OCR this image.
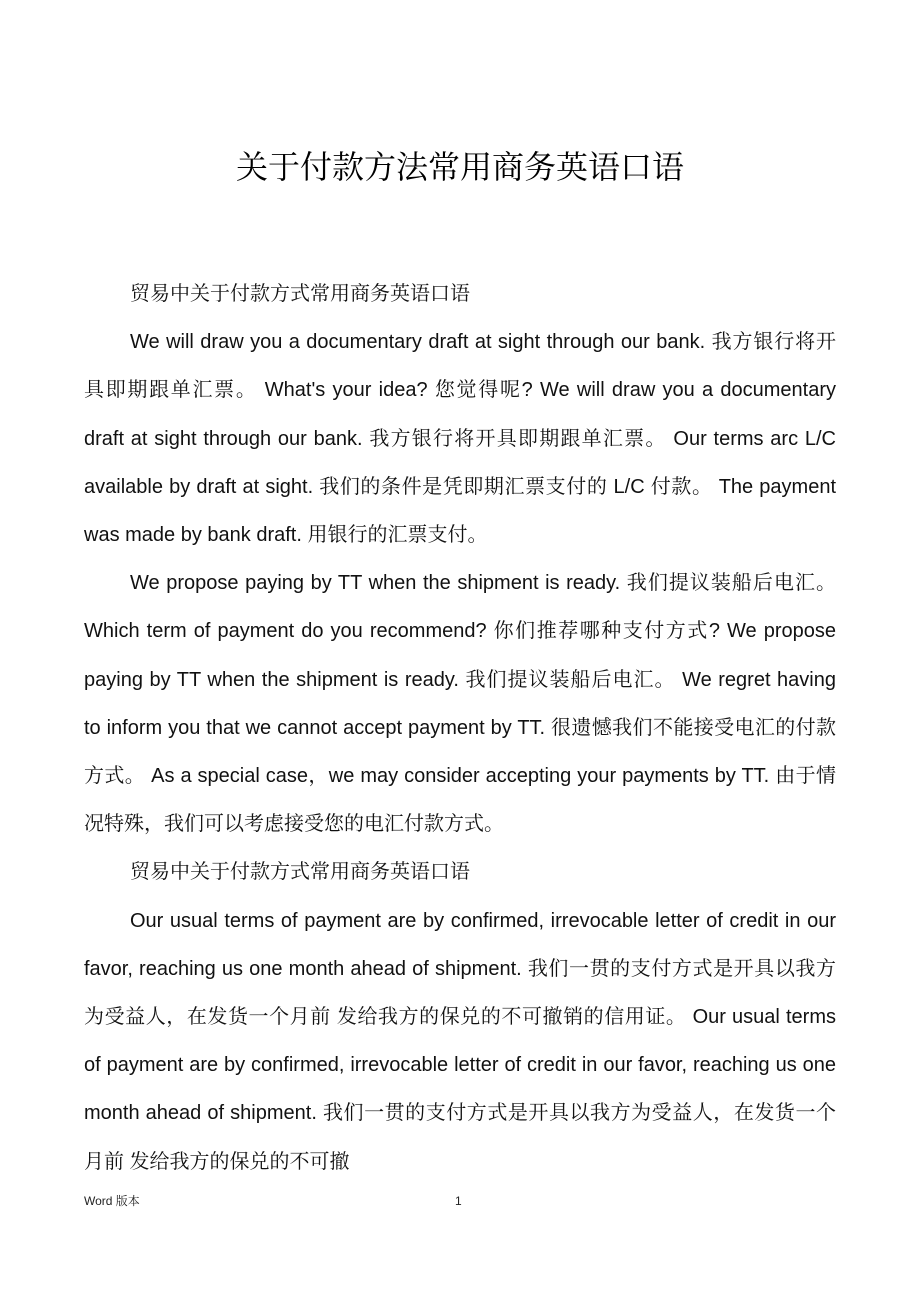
关于付款方法常用商务英语口语

贸易中关于付款方式常用商务英语口语

We will draw you a documentary draft at sight through our bank. 我方银行将开具即期跟单汇票。 What's your idea? 您觉得呢? We will draw you a documentary draft at sight through our bank. 我方银行将开具即期跟单汇票。 Our terms arc L/C available by draft at sight. 我们的条件是凭即期汇票支付的 L/C 付款。 The payment was made by bank draft. 用银行的汇票支付。

We propose paying by TT when the shipment is ready. 我们提议装船后电汇。 Which term of payment do you recommend? 你们推荐哪种支付方式? We propose paying by TT when the shipment is ready. 我们提议装船后电汇。 We regret having to inform you that we cannot accept payment by TT. 很遗憾我们不能接受电汇的付款方式。 As a special case，we may consider accepting your payments by TT. 由于情况特殊，我们可以考虑接受您的电汇付款方式。

贸易中关于付款方式常用商务英语口语

Our usual terms of payment are by confirmed, irrevocable letter of credit in our favor, reaching us one month ahead of shipment. 我们一贯的支付方式是开具以我方为受益人，在发货一个月前 发给我方的保兑的不可撤销的信用证。 Our usual terms of payment are by confirmed, irrevocable letter of credit in our favor, reaching us one month ahead of shipment. 我们一贯的支付方式是开具以我方为受益人，在发货一个月前 发给我方的保兑的不可撤

Word 版本	1
